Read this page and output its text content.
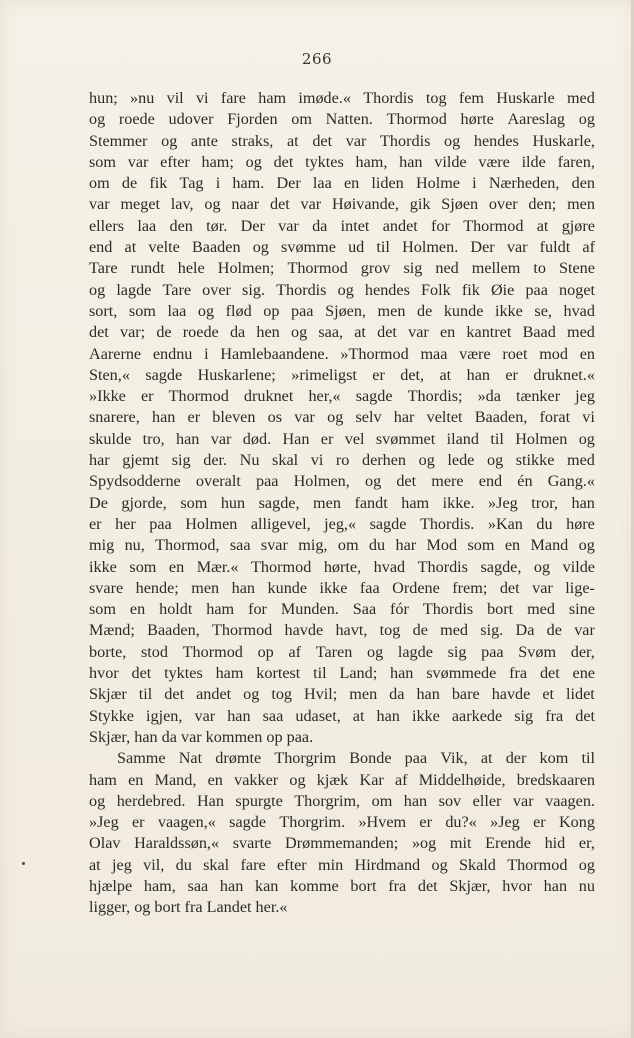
266
hun; »nu vil vi fare ham imøde.« Thordis tog fem Huskarle med
og roede udover Fjorden om Natten. Thormod hørte Aareslag og
Stemmer og ante straks, at det var Thordis og hendes Huskarle,
som var efter ham; og det tyktes ham, han vilde være ilde faren,
om de fik Tag i ham. Der laa en liden Holme i Nærheden, den
var meget lav, og naar det var Høivande, gik Sjøen over den; men
ellers laa den tør. Der var da intet andet for Thormod at gjøre
end at velte Baaden og svømme ud til Holmen. Der var fuldt af
Tare rundt hele Holmen; Thormod grov sig ned mellem to Stene
og lagde Tare over sig. Thordis og hendes Folk fik Øie paa noget
sort, som laa og flød op paa Sjøen, men de kunde ikke se, hvad
det var; de roede da hen og saa, at det var en kantret Baad med
Aarerne endnu i Hamlebaandene. »Thormod maa være roet mod en
Sten,« sagde Huskarlene; »rimeligst er det, at han er druknet.«
»Ikke er Thormod druknet her,« sagde Thordis; »da tænker jeg
snarere, han er bleven os var og selv har veltet Baaden, forat vi
skulde tro, han var død. Han er vel svømmet iland til Holmen og
har gjemt sig der. Nu skal vi ro derhen og lede og stikke med
Spydsodderne overalt paa Holmen, og det mere end én Gang.«
De gjorde, som hun sagde, men fandt ham ikke. »Jeg tror, han
er her paa Holmen alligevel, jeg,« sagde Thordis. »Kan du høre
mig nu, Thormod, saa svar mig, om du har Mod som en Mand og
ikke som en Mær.« Thormod hørte, hvad Thordis sagde, og vilde
svare hende; men han kunde ikke faa Ordene frem; det var lige-
som en holdt ham for Munden. Saa fór Thordis bort med sine
Mænd; Baaden, Thormod havde havt, tog de med sig. Da de var
borte, stod Thormod op af Taren og lagde sig paa Svøm der,
hvor det tyktes ham kortest til Land; han svømmede fra det ene
Skjær til det andet og tog Hvil; men da han bare havde et lidet
Stykke igjen, var han saa udaset, at han ikke aarkede sig fra det
Skjær, han da var kommen op paa.
Samme Nat drømte Thorgrim Bonde paa Vik, at der kom til
ham en Mand, en vakker og kjæk Kar af Middelhøide, bredskaaren
og herdebred. Han spurgte Thorgrim, om han sov eller var vaagen.
»Jeg er vaagen,« sagde Thorgrim. »Hvem er du?« »Jeg er Kong
Olav Haraldssøn,« svarte Drømmemanden; »og mit Erende hid er,
at jeg vil, du skal fare efter min Hirdmand og Skald Thormod og
hjælpe ham, saa han kan komme bort fra det Skjær, hvor han nu
ligger, og bort fra Landet her.«
